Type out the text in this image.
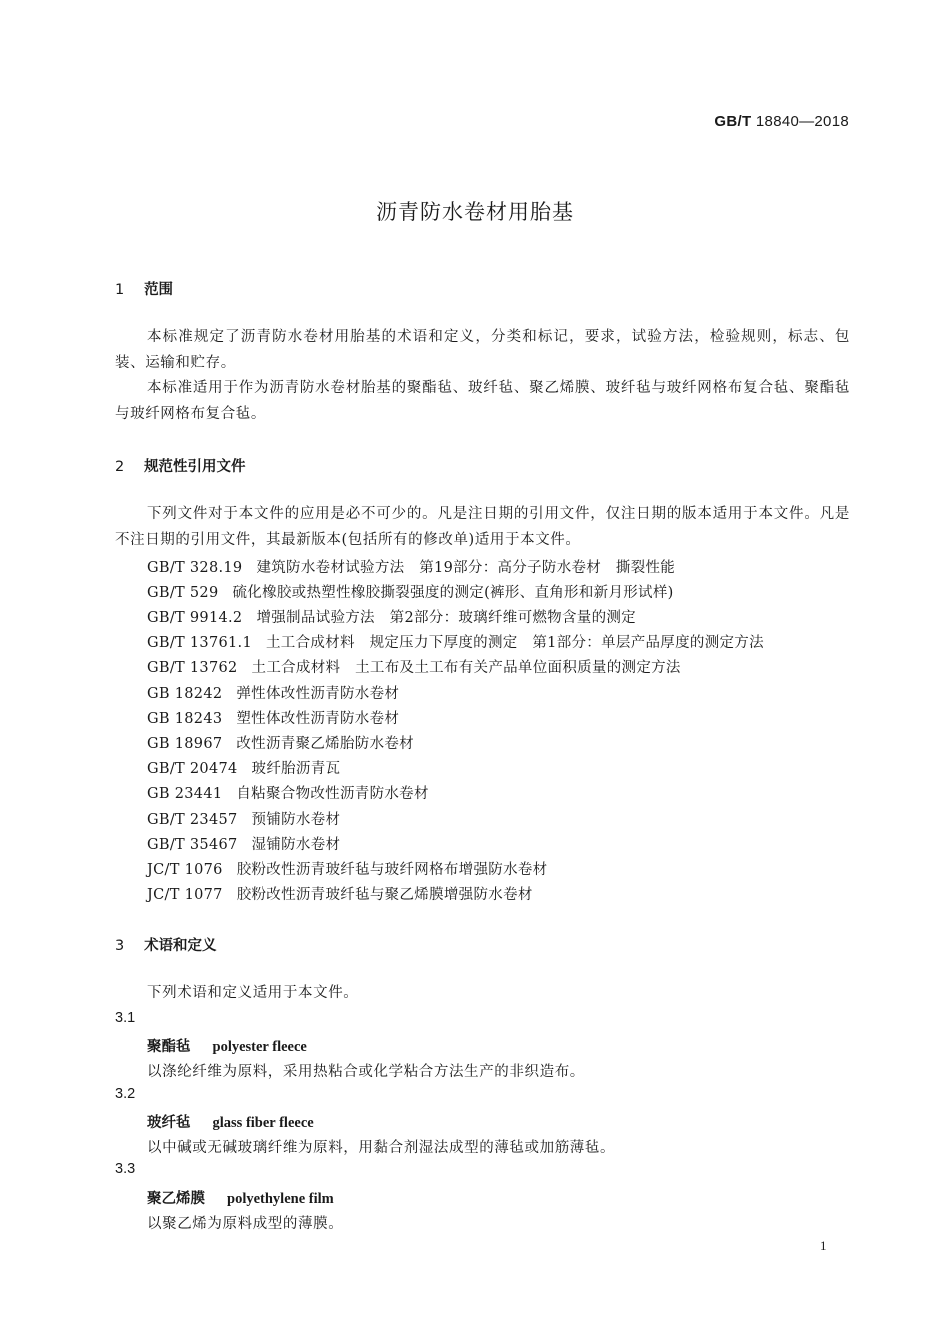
GB/T 18840—2018
沥青防水卷材用胎基
1 范围

本标准规定了沥青防水卷材用胎基的术语和定义，分类和标记，要求，试验方法，检验规则，标志、包装、运输和贮存。

本标准适用于作为沥青防水卷材胎基的聚酯毡、玻纤毡、聚乙烯膜、玻纤毡与玻纤网格布复合毡、聚酯毡与玻纤网格布复合毡。

2 规范性引用文件

下列文件对于本文件的应用是必不可少的。凡是注日期的引用文件，仅注日期的版本适用于本文件。凡是不注日期的引用文件，其最新版本(包括所有的修改单)适用于本文件。

GB/T 328.19 建筑防水卷材试验方法　第19部分：高分子防水卷材　撕裂性能
GB/T 529 硫化橡胶或热塑性橡胶撕裂强度的测定(裤形、直角形和新月形试样)
GB/T 9914.2 增强制品试验方法　第2部分：玻璃纤维可燃物含量的测定
GB/T 13761.1 土工合成材料　规定压力下厚度的测定　第1部分：单层产品厚度的测定方法
GB/T 13762 土工合成材料　土工布及土工布有关产品单位面积质量的测定方法
GB 18242 弹性体改性沥青防水卷材
GB 18243 塑性体改性沥青防水卷材
GB 18967 改性沥青聚乙烯胎防水卷材
GB/T 20474 玻纤胎沥青瓦
GB 23441 自粘聚合物改性沥青防水卷材
GB/T 23457 预铺防水卷材
GB/T 35467 湿铺防水卷材
JC/T 1076 胶粉改性沥青玻纤毡与玻纤网格布增强防水卷材
JC/T 1077 胶粉改性沥青玻纤毡与聚乙烯膜增强防水卷材
3 术语和定义

下列术语和定义适用于本文件。

3.1
聚酯毡 polyester fleece
以涤纶纤维为原料，采用热粘合或化学粘合方法生产的非织造布。
3.2
玻纤毡 glass fiber fleece
以中碱或无碱玻璃纤维为原料，用黏合剂湿法成型的薄毡或加筋薄毡。
3.3
聚乙烯膜 polyethylene film
以聚乙烯为原料成型的薄膜。
1
